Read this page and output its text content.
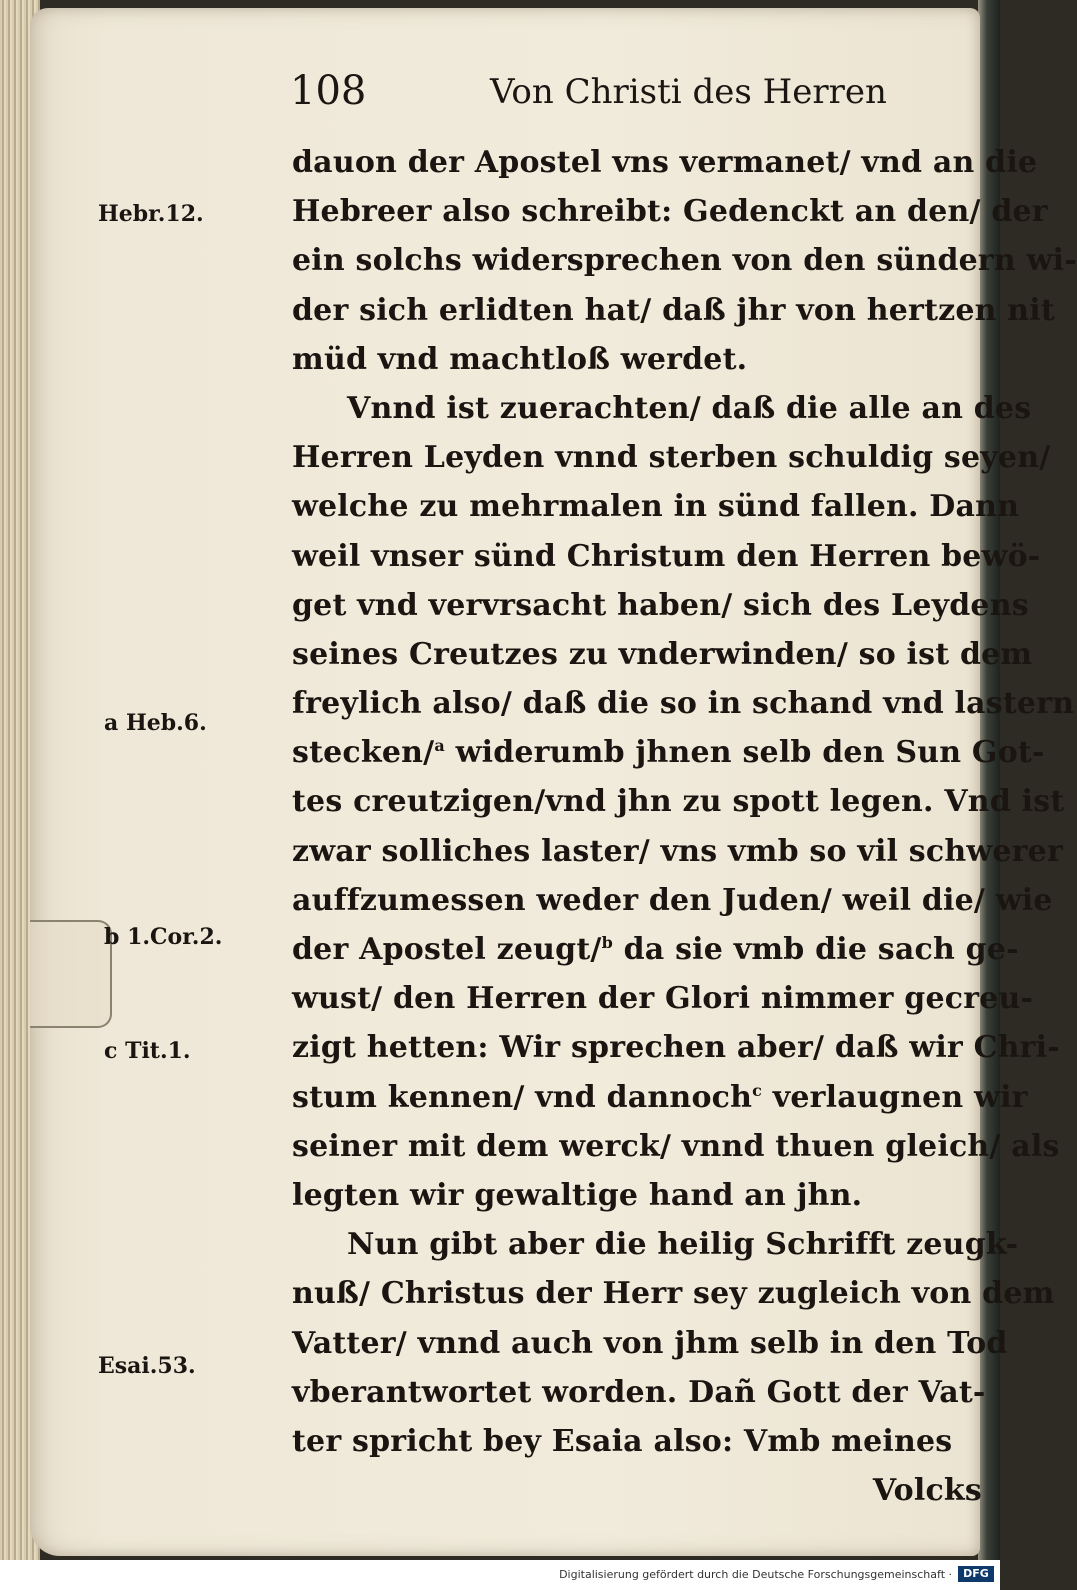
108	Von Christi des Herren
Hebr.12.
a Heb.6.
b 1.Cor.2.
c Tit.1.
Esai.53.
dauon der Apostel vns vermanet/ vnd an die
Hebreer also schreibt: Gedenckt an den/ der
ein solchs widersprechen von den sündern wi-
der sich erlidten hat/ daß jhr von hertzen nit
müd vnd machtloß werdet.
Vnnd ist zuerachten/ daß die alle an des
Herren Leyden vnnd sterben schuldig seyen/
welche zu mehrmalen in sünd fallen. Dann
weil vnser sünd Christum den Herren bewö-
get vnd vervrsacht haben/ sich des Leydens
seines Creutzes zu vnderwinden/ so ist dem
freylich also/ daß die so in schand vnd lastern
stecken/$^a$ widerumb jhnen selb den Sun Got-
tes creutzigen/vnd jhn zu spott legen. Vnd ist
zwar solliches laster/ vns vmb so vil schwerer
auffzumessen weder den Juden/ weil die/ wie
der Apostel zeugt/$^b$ da sie vmb die sach ge-
wust/ den Herren der Glori nimmer gecreu-
zigt hetten: Wir sprechen aber/ daß wir Chri-
stum kennen/ vnd dannoch$^c$ verlaugnen wir
seiner mit dem werck/ vnnd thuen gleich/ als
legten wir gewaltige hand an jhn.
Nun gibt aber die heilig Schrifft zeugk-
nuß/ Christus der Herr sey zugleich von dem
Vatter/ vnnd auch von jhm selb in den Tod
vberantwortet worden. Dañ Gott der Vat-
ter spricht bey Esaia also: Vmb meines
Volcks
Digitalisierung gefördert durch die Deutsche Forschungsgemeinschaft ·	DFG
